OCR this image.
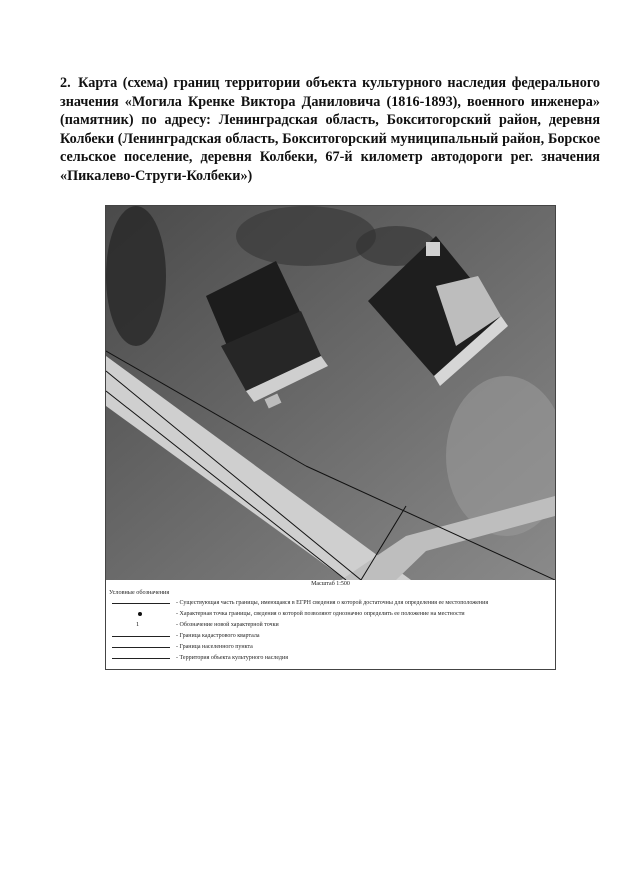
2. Карта (схема) границ территории объекта культурного наследия федерального значения «Могила Кренке Виктора Даниловича (1816-1893), военного инженера» (памятник) по адресу: Ленинградская область, Бокситогорский район, деревня Колбеки (Ленинградская область, Бокситогорский муниципальный район, Борское сельское поселение, деревня Колбеки, 67-й километр автодороги рег. значения «Пикалево-Струги-Колбеки»)
Масштаб 1:500
Условные обозначения
- Существующая часть границы, имеющаяся в ЕГРН сведения о которой достаточны для определения ее местоположения
- Характерная точка границы, сведения о которой позволяют однозначно определить ее положение на местности
1	- Обозначение новой характерной точки
- Граница кадастрового квартала
- Граница населенного пункта
- Территория объекта культурного наследия
